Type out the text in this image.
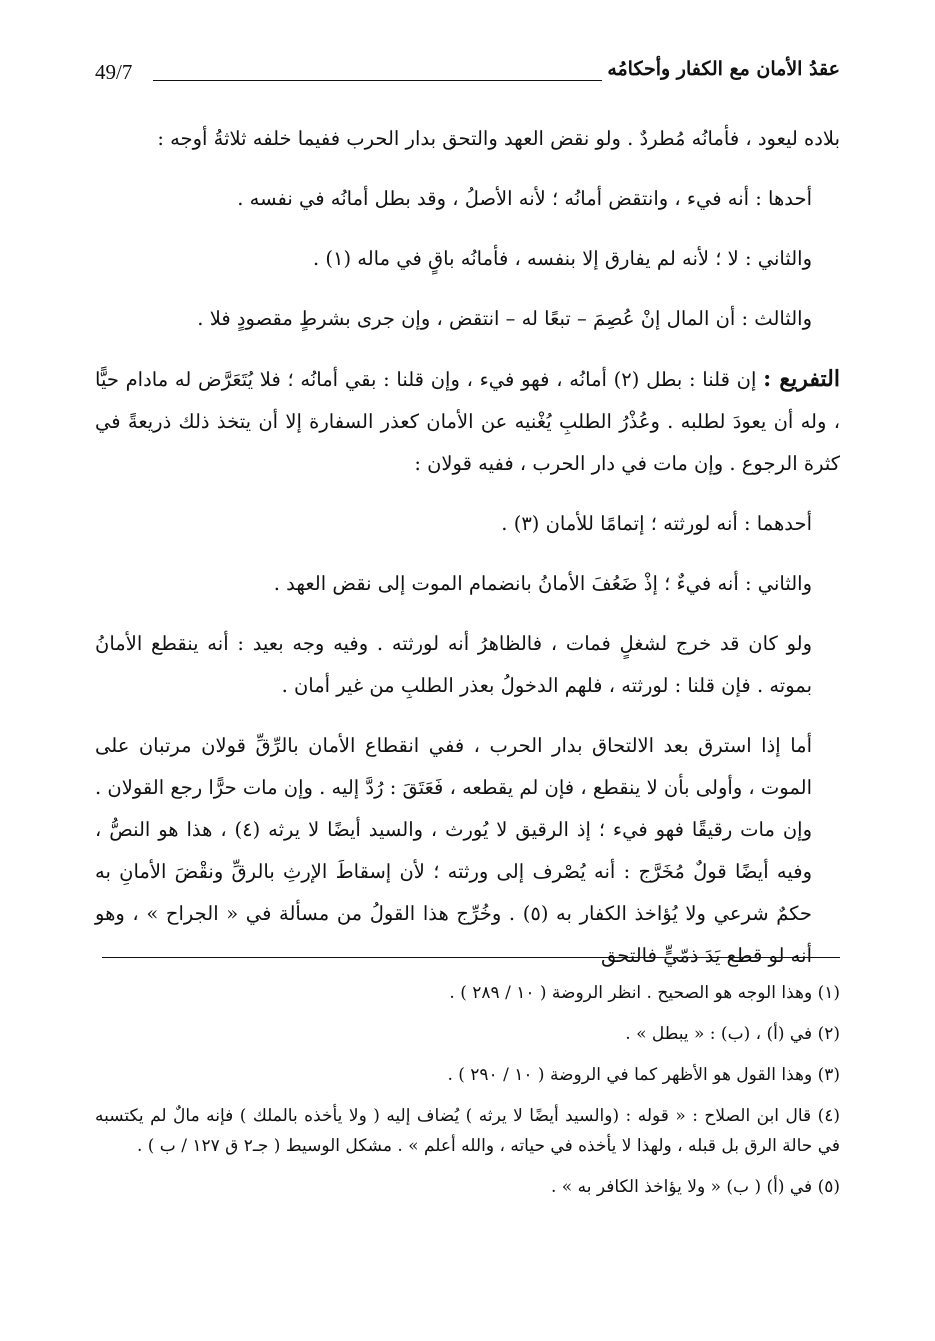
49/7	عقدُ الأمان مع الكفار وأحكامُه

بلاده ليعود ، فأمانُه مُطردٌ . ولو نقض العهد والتحق بدار الحرب ففيما خلفه ثلاثةُ أوجه :

أحدها : أنه فيء ، وانتقض أمانُه ؛ لأنه الأصلُ ، وقد بطل أمانُه في نفسه .

والثاني : لا ؛ لأنه لم يفارق إلا بنفسه ، فأمانُه باقٍ في ماله (١) .

والثالث : أن المال إنْ عُصِمَ – تبعًا له – انتقض ، وإن جرى بشرطٍ مقصودٍ فلا .

التفريع : إن قلنا : بطل (٢) أمانُه ، فهو فيء ، وإن قلنا : بقي أمانُه ؛ فلا يُتَعَرَّض له مادام حيًّا ، وله أن يعودَ لطلبه . وعُذْرُ الطلبِ يُغْنيه عن الأمان كعذر السفارة إلا أن يتخذ ذلك ذريعةً في كثرة الرجوع . وإن مات في دار الحرب ، ففيه قولان :

أحدهما : أنه لورثته ؛ إتمامًا للأمان (٣) .

والثاني : أنه فيءٌ ؛ إذْ ضَعُفَ الأمانُ بانضمام الموت إلى نقض العهد .

ولو كان قد خرج لشغلٍ فمات ، فالظاهرُ أنه لورثته . وفيه وجه بعيد : أنه ينقطع الأمانُ بموته . فإن قلنا : لورثته ، فلهم الدخولُ بعذر الطلبِ من غير أمان .

أما إذا استرق بعد الالتحاق بدار الحرب ، ففي انقطاع الأمان بالرِّقِّ قولان مرتبان على الموت ، وأولى بأن لا ينقطع ، فإن لم يقطعه ، فَعَتَقَ : رُدَّ إليه . وإن مات حرًّا رجع القولان . وإن مات رقيقًا فهو فيء ؛ إذ الرقيق لا يُورث ، والسيد أيضًا لا يرثه (٤) ، هذا هو النصُّ ، وفيه أيضًا قولٌ مُخَرَّج : أنه يُصْرف إلى ورثته ؛ لأن إسقاطَ الإرثِ بالرقِّ ونقْضَ الأمانِ به حكمٌ شرعي ولا يُؤاخذ الكفار به (٥) . وخُرِّج هذا القولُ من مسألة في « الجراح » ، وهو أنه لو قطع يَدَ ذمّيٍّ فالتحق

(١) وهذا الوجه هو الصحيح . انظر الروضة ( ١٠ / ٢٨٩ ) .

(٢) في (أ) ، (ب) : « يبطل » .

(٣) وهذا القول هو الأظهر كما في الروضة ( ١٠ / ٢٩٠ ) .

(٤) قال ابن الصلاح : « قوله : (والسيد أيضًا لا يرثه ) يُضاف إليه ( ولا يأخذه بالملك ) فإنه مالٌ لم يكتسبه في حالة الرق بل قبله ، ولهذا لا يأخذه في حياته ، والله أعلم » . مشكل الوسيط ( جـ٢ ق ١٢٧ / ب ) .

(٥) في (أ) ( ب) « ولا يؤاخذ الكافر به » .
